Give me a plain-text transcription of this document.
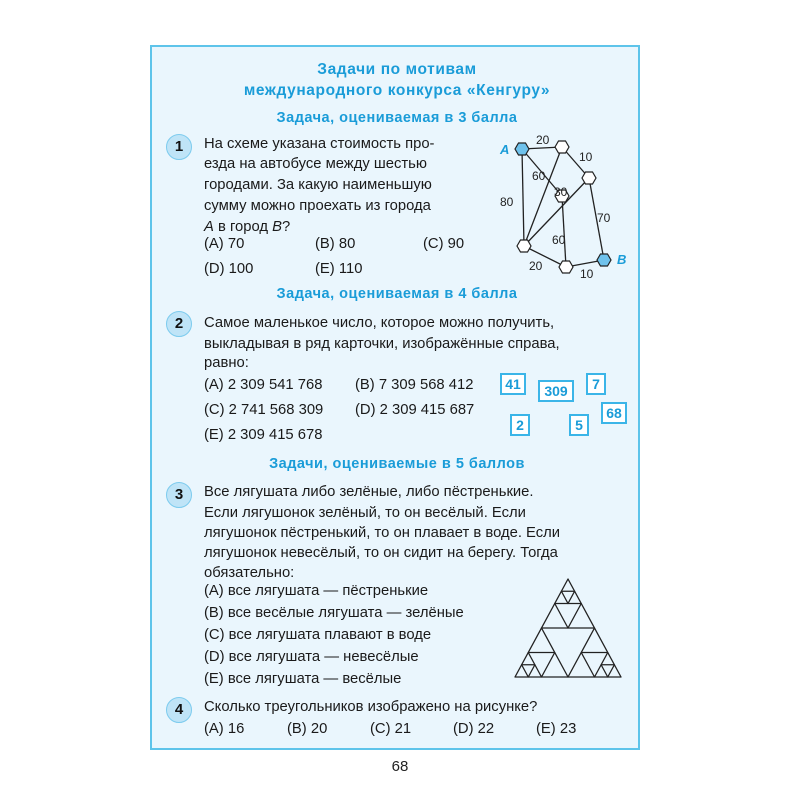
Задачи по мотивам
международного конкурса «Кенгуру»
Задача, оцениваемая в 3 балла
1	На схеме указана стоимость про-
езда на автобусе между шестью
городами. За какую наименьшую
сумму можно проехать из города
A в город B?
(A) 70	(B) 80	(C) 90
(D) 100	(E) 110
A
B
20
10
60
30
80
70
60
20
10
Задача, оцениваемая в 4 балла
2	Самое маленькое число, которое можно получить,
выкладывая в ряд карточки, изображённые справа,
равно:
(A) 2 309 541 768 (B) 7 309 568 412
(C) 2 741 568 309 (D) 2 309 415 687
(E) 2 309 415 678
41	309	7
68
2	5
Задачи, оцениваемые в 5 баллов
3	Все лягушата либо зелёные, либо пёстренькие.
Если лягушонок зелёный, то он весёлый. Если
лягушонок пёстренький, то он плавает в воде. Если
лягушонок невесёлый, то он сидит на берегу. Тогда
обязательно:
(A) все лягушата — пёстренькие
(B) все весёлые лягушата — зелёные
(C) все лягушата плавают в воде
(D) все лягушата — невесёлые
(E) все лягушата — весёлые
4	Сколько треугольников изображено на рисунке?
(A) 16	(B) 20	(C) 21	(D) 22	(E) 23
68
